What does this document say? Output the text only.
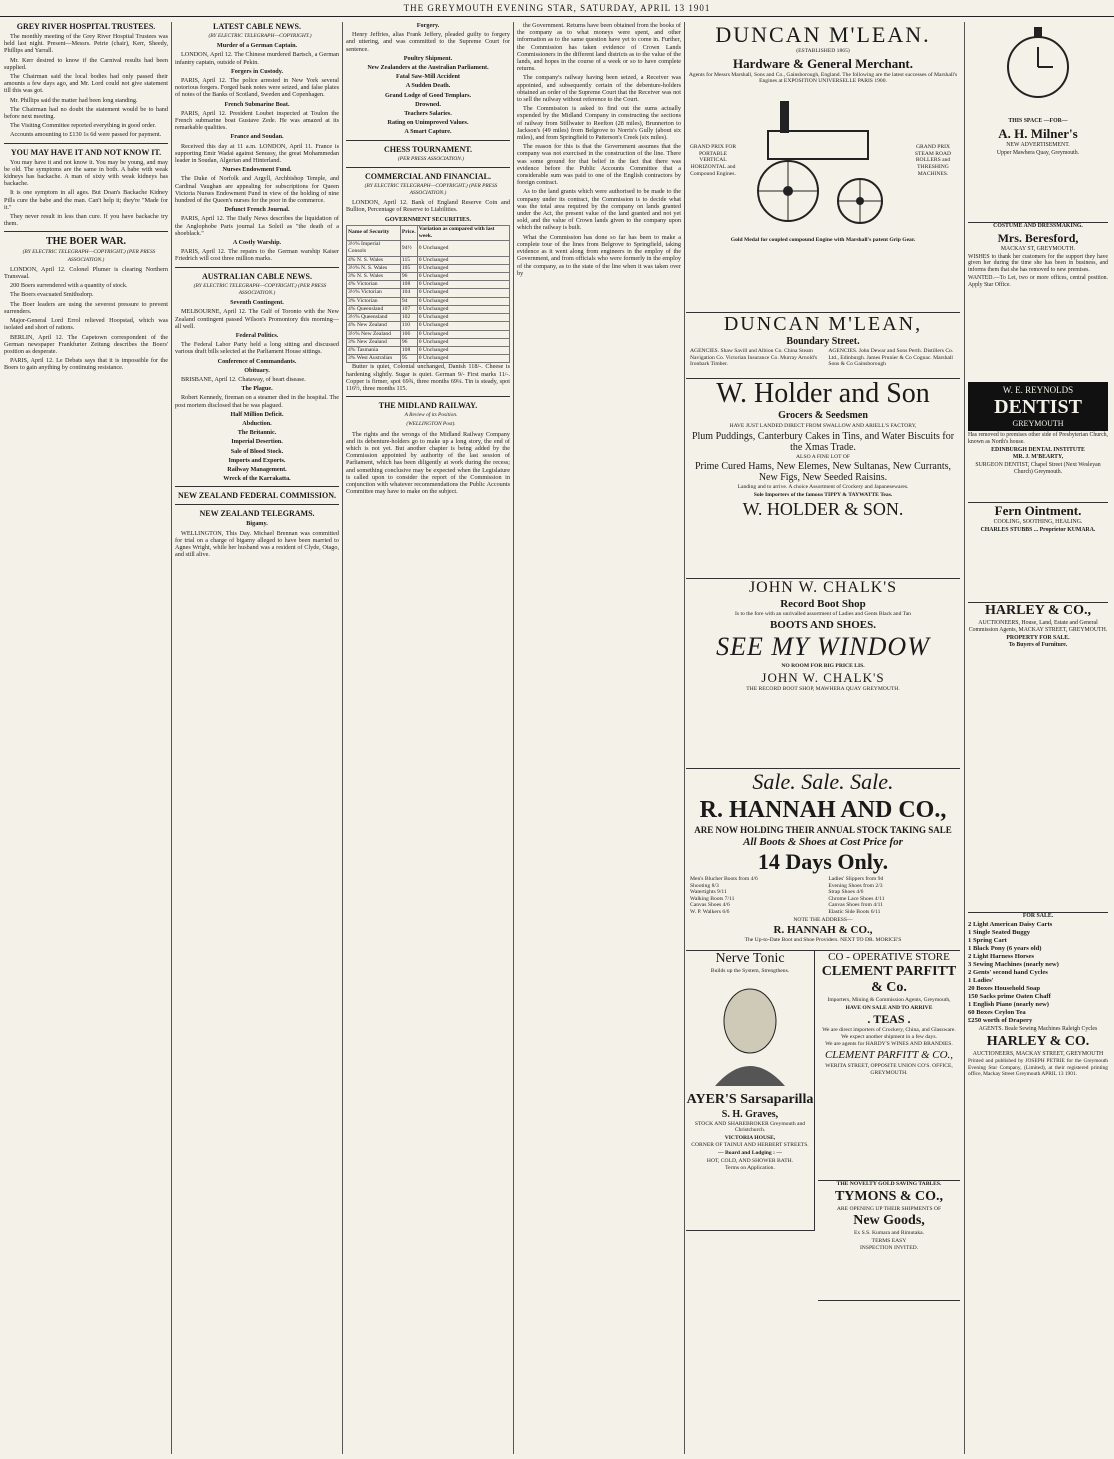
THE GREYMOUTH EVENING STAR, SATURDAY, APRIL 13 1901

GREY RIVER HOSPITAL TRUSTEES.

The monthly meeting of the Grey River Hospital Trustees was held last night. Present—Messrs. Petrie (chair), Kerr, Sheedy, Phillips and Yarrall.

Mr. Kerr desired to know if the Carnival results had been supplied.

The Chairman said the local bodies had only passed their amounts a few days ago, and Mr. Lord could not give statement till this was got.

Mr. Phillips said the matter had been long standing.

The Chairman had no doubt the statement would be to hand before next meeting.

The Visiting Committee reported everything in good order.

Accounts amounting to £130 1s 6d were passed for payment.

YOU MAY HAVE IT AND NOT KNOW IT.

You may have it and not know it. You may be young, and may be old. The symptoms are the same in both. A babe with weak kidneys has backache. A man of sixty with weak kidneys has backache.

It is one symptom in all ages. But Doan's Backache Kidney Pills cure the babe and the man. Can't help it; they're "Made for it."

They never result in less than cure. If you have backache try them.

THE BOER WAR.

(BY ELECTRIC TELEGRAPH—COPYRIGHT.) (PER PRESS ASSOCIATION.)

LONDON, April 12. Colonel Plumer is clearing Northern Transvaal.

200 Boers surrendered with a quantity of stock.

The Boers evacuated Smithsdorp.

The Boer leaders are using the severest pressure to prevent surrenders.

Major-General Lord Errol relieved Hoopstad, which was isolated and short of rations.

BERLIN, April 12. The Capetown correspondent of the German newspaper Frankfurter Zeitung describes the Boers' position as desperate.

PARIS, April 12. Le Debats says that it is impossible for the Boers to gain anything by continuing resistance.

LATEST CABLE NEWS.

(BY ELECTRIC TELEGRAPH—COPYRIGHT.)

Murder of a German Captain.

LONDON, April 12. The Chinese murdered Bartsch, a German infantry captain, outside of Pekin.

Forgers in Custody.

PARIS, April 12. The police arrested in New York several notorious forgers. Forged bank notes were seized, and false plates of notes of the Banks of Scotland, Sweden and Copenhagen.

French Submarine Boat.

PARIS, April 12. President Loubet inspected at Toulon the French submarine boat Gustave Zede. He was amazed at its remarkable qualities.

France and Soudan.

Received this day at 11 a.m. LONDON, April 11. France is supporting Emir Wadai against Senussy, the great Mohammedan leader in Soudan, Algerian and Hinterland.

Nurses Endowment Fund.

The Duke of Norfolk and Argyll, Archbishop Temple, and Cardinal Vaughan are appealing for subscriptions for Queen Victoria Nurses Endowment Fund in view of the holding of nine hundred of the Queen's nurses for the poor in the commerce.

Defunct French Journal.

PARIS, April 12. The Daily News describes the liquidation of the Anglophobe Paris journal La Soleil as "the death of a shoeblack."

A Costly Warship.

PARIS, April 12. The repairs to the German warship Kaiser Friedrich will cost three million marks.

AUSTRALIAN CABLE NEWS.

(BY ELECTRIC TELEGRAPH—COPYRIGHT.) (PER PRESS ASSOCIATION.)

Seventh Contingent.

MELBOURNE, April 12. The Gulf of Toronto with the New Zealand contingent passed Wilson's Promontory this morning—all well.

Federal Politics.

The Federal Labor Party held a long sitting and discussed various draft bills selected at the Parliament House sittings.

Conference of Commandants.

Obituary.

BRISBANE, April 12. Chataway, of heart disease.

The Plague.

Robert Kennedy, fireman on a steamer died in the hospital. The post mortem disclosed that he was plagued.

Half Million Deficit.

Abduction.

The Britannic.

Imperial Desertion.

Sale of Blood Stock.

Imports and Exports.

Railway Management.

Wreck of the Karrakatta.

NEW ZEALAND FEDERAL COMMISSION.

NEW ZEALAND TELEGRAMS.

Bigamy.

WELLINGTON, This Day. Michael Brennan was committed for trial on a charge of bigamy alleged to have been married to Agnes Wright, while her husband was a resident of Clyde, Otago, and still alive.

Forgery.

Henry Jeffries, alias Frank Jeffery, pleaded guilty to forgery and uttering, and was committed to the Supreme Court for sentence.

Poultry Shipment.

New Zealanders at the Australian Parliament.

Fatal Saw-Mill Accident

A Sudden Death.

Grand Lodge of Good Templars.

Drowned.

Teachers Salaries.

Rating on Unimproved Values.

A Smart Capture.

CHESS TOURNAMENT.

(PER PRESS ASSOCIATION.)

COMMERCIAL AND FINANCIAL.

(BY ELECTRIC TELEGRAPH—COPYRIGHT.) (PER PRESS ASSOCIATION.)

LONDON, April 12. Bank of England Reserve Coin and Bullion, Percentage of Reserve to Liabilities.

GOVERNMENT SECURITIES.

Name of Security	Price.	Variation as compared with last week.
3½% Imperial Consols	94½	0 Unchanged
4% N. S. Wales	115	0 Unchanged
3½% N. S. Wales	105	0 Unchanged
3% N. S. Wales	96	0 Unchanged
4% Victorian	108	0 Unchanged
3½% Victorian	104	0 Unchanged
3% Victorian	94	0 Unchanged
4% Queensland	107	0 Unchanged
3½% Queensland	102	0 Unchanged
4% New Zealand	110	0 Unchanged
3½% New Zealand	106	0 Unchanged
3% New Zealand	96	0 Unchanged
4% Tasmania	108	0 Unchanged
3% West Australian	95	0 Unchanged

Butter is quiet, Colonial unchanged, Danish 118/-. Cheese is hardening slightly. Sugar is quiet. German 9/- First marks 11/-. Copper is firmer, spot 69¾, three months 69¼. Tin is steady, spot 116½, three months 115.

THE MIDLAND RAILWAY.

A Review of its Position.

(WELLINGTON Post).

The rights and the wrongs of the Midland Railway Company and its debenture-holders go to make up a long story, the end of which is not yet. But another chapter is being added by the Commission appointed by authority of the last session of Parliament, which has been diligently at work during the recess; and something conclusive may be expected when the Legislature is called upon to consider the report of the Commission in conjunction with whatever recommendations the Public Accounts Committee may have to make on the subject.

the Government. Returns have been obtained from the books of the company as to what moneys were spent, and other information as to the same question have yet to come in. Further, the Commission has taken evidence of Crown Lands Commissioners in the different land districts as to the value of the lands, and hopes in the course of a week or so to have complete returns.

The company's railway having been seized, a Receiver was appointed, and subsequently certain of the debenture-holders obtained an order of the Supreme Court that the Receiver was not to sell the railway without reference to the Court.

The Commission is asked to find out the sums actually expended by the Midland Company in constructing the sections of railway from Stillwater to Reefton (28 miles), Brunnerton to Jackson's (49 miles) from Belgrove to Norris's Gully (about six miles), and from Springfield to Patterson's Creek (six miles).

The reason for this is that the Government assumes that the company was not exercised in the construction of the line. There was some ground for that belief in the fact that there was evidence before the Public Accounts Committee that a considerable sum was paid to one of the English contractors by foreign contract.

As to the land grants which were authorised to be made to the company under its contract, the Commission is to decide what was the total area required by the company on lands granted under the Act, the present value of the land granted and not yet sold, and the value of Crown lands given to the company upon which the railway is built.

What the Commission has done so far has been to make a complete tour of the lines from Belgrove to Springfield, taking evidence as it went along from engineers in the employ of the Government, and from officials who were formerly in the employ of the company, as to the state of the line when it was taken over by

DUNCAN M'LEAN.

(ESTABLISHED 1865)

Hardware & General Merchant.

Agents for Messrs Marshall, Sons and Co., Gainsborough, England. The following are the latest successes of Marshall's Engines at EXPOSITION UNIVERSELLE PARIS 1900.

GRAND PRIX FOR PORTABLE VERTICAL HORIZONTAL and Compound Engines.
GRAND PRIX STEAM ROAD ROLLERS and THRESHING MACHINES.

Gold Medal for coupled compound Engine with Marshall's patent Grip Gear.

DUNCAN M'LEAN,

Boundary Street.

AGENCIES. Shaw Savill and Albion Co. China Steam Navigation Co. Victorian Insurance Co. Murray Arnold's Ironbark Timber.
AGENCIES. John Dewar and Sons Perth. Distillers Co. Ltd., Edinburgh. James Prunier & Co Cognac. Marshall Sons & Co Gainsborough

W. Holder and Son

Grocers & Seedsmen

HAVE JUST LANDED DIRECT FROM SWALLOW AND ARIELL'S FACTORY,

Plum Puddings, Canterbury Cakes in Tins, and Water Biscuits for the Xmas Trade.

ALSO A FINE LOT OF

Prime Cured Hams, New Elemes, New Sultanas, New Currants, New Figs, New Seeded Raisins.

Landing and to arrive. A choice Assortment of Crockery and Japanesewares.

Sole Importers of the famous TIPPY & TAYWATTE Teas.

W. HOLDER & SON.

JOHN W. CHALK'S

Record Boot Shop

Is to the fore with an unrivalled assortment of Ladies and Gents Black and Tan

BOOTS AND SHOES.

SEE MY WINDOW

NO ROOM FOR BIG PRICE LIS.

JOHN W. CHALK'S

THE RECORD BOOT SHOP, MAWHERA QUAY GREYMOUTH.

Sale. Sale. Sale.

R. HANNAH AND CO.,

ARE NOW HOLDING THEIR ANNUAL STOCK TAKING SALE

All Boots & Shoes at Cost Price for

14 Days Only.

Men's Blucher Boots from 4/6
Shooting 8/3
Watertights 9/11
Walking Boots 7/11
Canvas Shoes 4/6
W. P. Walkers 6/6
Ladies' Slippers from 9d
Evening Shoes from 2/3
Strap Shoes 4/6
Chrome Lace Shoes 4/11
Canvas Shoes from 4/11
Elastic Side Boots 6/11

NOTE THE ADDRESS—

R. HANNAH & CO.,

The Up-to-Date Boot and Shoe Providers. NEXT TO DR. MORICE'S

Nerve Tonic

Builds up the System, Strengthens.

AYER'S Sarsaparilla

S. H. Graves,

STOCK AND SHAREBROKER Greymouth and Christchurch.

VICTORIA HOUSE,

CORNER OF TAINUI AND HERBERT STREETS.

— Board and Lodging : —

HOT, COLD, AND SHOWER BATH.

Terms on Application.

CO - OPERATIVE STORE

CLEMENT PARFITT & Co.

Importers, Mining & Commission Agents, Greymouth,

HAVE ON SALE AND TO ARRIVE

. TEAS .

We are direct importers of Crockery, China, and Glassware. We expect another shipment in a few days.

We are agents for HARDY'S WINES AND BRANDIES.

CLEMENT PARFITT & CO.,

WERITA STREET, OPPOSITE UNION CO'S. OFFICE, GREYMOUTH.

THE NOVELTY GOLD SAVING TABLES.

TYMONS & CO.,

ARE OPENING UP THEIR SHIPMENTS OF

New Goods,

Ex S.S. Kumara and Rimutaka.

TERMS EASY

INSPECTION INVITED.

THIS SPACE —FOR—

A. H. Milner's

NEW ADVERTISEMENT.

Upper Mawhera Quay, Greymouth.

COSTUME AND DRESSMAKING.

Mrs. Beresford,

MACKAY ST, GREYMOUTH.

WISHES to thank her customers for the support they have given her during the time she has been in business, and informs them that she has removed to new premises.

WANTED.—To Let, two or more offices, central position. Apply Star Office.

W. E. REYNOLDS

DENTIST

GREYMOUTH

Has removed to premises other side of Presbyterian Church, known as North's house.

EDINBURGH DENTAL INSTITUTE

MR. J. M'BEARTY,

SURGEON DENTIST, Chapel Street (Next Wesleyan Church) Greymouth.

Fern Ointment.

COOLING, SOOTHING, HEALING.

CHARLES STUBBS ... Proprietor KUMARA.

HARLEY & CO.,

AUCTIONEERS, House, Land, Estate and General Commission Agents, MACKAY STREET, GREYMOUTH.

PROPERTY FOR SALE.

To Buyers of Furniture.

FOR SALE.

2 Light American Daisy Carts
1 Single Seated Buggy
1 Spring Cart
1 Black Pony (6 years old)
2 Light Harness Horses
3 Sewing Machines (nearly new)
2 Gents' second hand Cycles
1 Ladies'
20 Boxes Household Soap
150 Sacks prime Oaten Chaff
1 English Piano (nearly new)
60 Boxes Ceylon Tea
£250 worth of Drapery

AGENTS. Beale Sewing Machines Raleigh Cycles

HARLEY & CO.

AUCTIONEERS, MACKAY STREET, GREYMOUTH

Printed and published by JOSEPH PETRIE for the Greymouth Evening Star Company, (Limited), at their registered printing office, Mackay Street Greymouth APRIL 13 1901.
